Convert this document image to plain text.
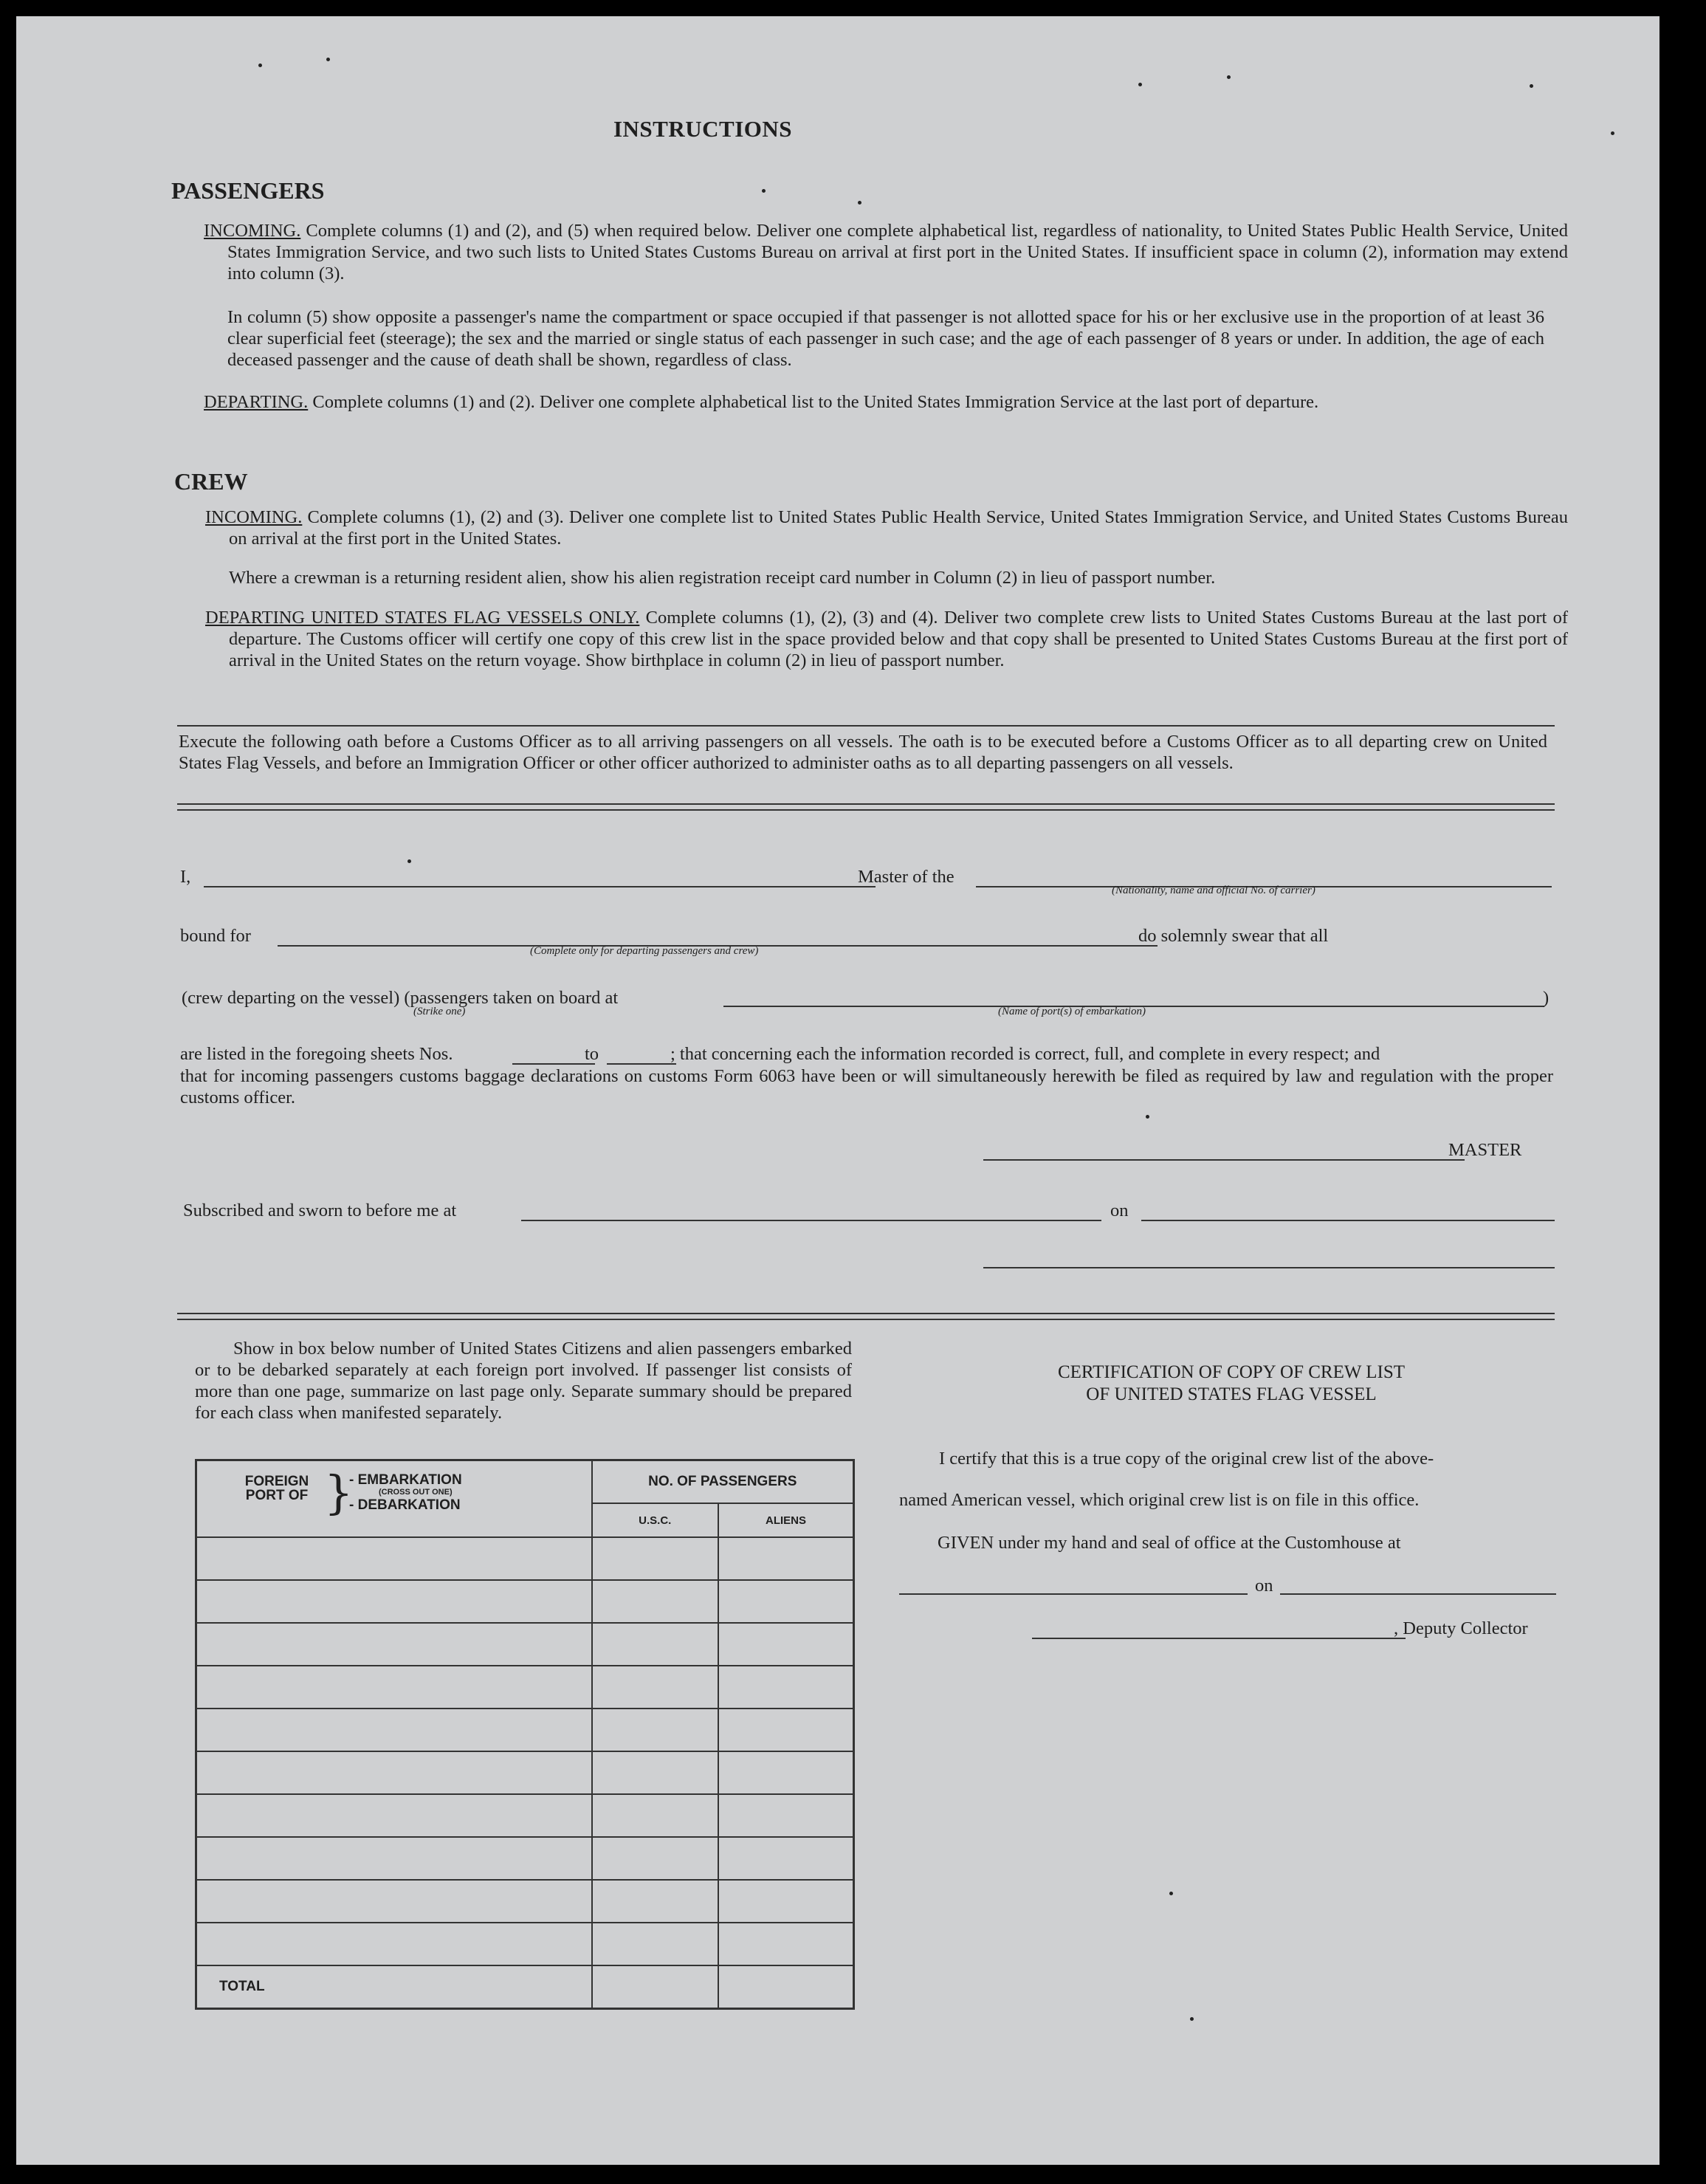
INSTRUCTIONS
PASSENGERS
INCOMING. Complete columns (1) and (2), and (5) when required below. Deliver one complete alphabetical list, regardless of nationality, to United States Public Health Service, United States Immigration Service, and two such lists to United States Customs Bureau on arrival at first port in the United States. If insufficient space in column (2), information may extend into column (3).
In column (5) show opposite a passenger's name the compartment or space occupied if that passenger is not allotted space for his or her exclusive use in the proportion of at least 36 clear superficial feet (steerage); the sex and the married or single status of each passenger in such case; and the age of each passenger of 8 years or under. In addition, the age of each deceased passenger and the cause of death shall be shown, regardless of class.
DEPARTING. Complete columns (1) and (2). Deliver one complete alphabetical list to the United States Immigration Service at the last port of departure.
CREW
INCOMING. Complete columns (1), (2) and (3). Deliver one complete list to United States Public Health Service, United States Immigration Service, and United States Customs Bureau on arrival at the first port in the United States.
Where a crewman is a returning resident alien, show his alien registration receipt card number in Column (2) in lieu of passport number.
DEPARTING UNITED STATES FLAG VESSELS ONLY. Complete columns (1), (2), (3) and (4). Deliver two complete crew lists to United States Customs Bureau at the last port of departure. The Customs officer will certify one copy of this crew list in the space provided below and that copy shall be presented to United States Customs Bureau at the first port of arrival in the United States on the return voyage. Show birthplace in column (2) in lieu of passport number.
Execute the following oath before a Customs Officer as to all arriving passengers on all vessels. The oath is to be executed before a Customs Officer as to all departing crew on United States Flag Vessels, and before an Immigration Officer or other officer authorized to administer oaths as to all departing passengers on all vessels.
I,	Master of the
(Nationality, name and official No. of carrier)
bound for
(Complete only for departing passengers and crew)
do solemnly swear that all
(crew departing on the vessel) (passengers taken on board at
(Strike one)	(Name of port(s) of embarkation)
)
are listed in the foregoing sheets Nos.	to	; that concerning each the information recorded is correct, full, and complete in every respect; and
that for incoming passengers customs baggage declarations on customs Form 6063 have been or will simultaneously herewith be filed as required by law and regulation with the proper customs officer.
MASTER
Subscribed and sworn to before me at	on
Show in box below number of United States Citizens and alien passengers embarked or to be debarked separately at each foreign port involved. If passenger list consists of more than one page, summarize on last page only. Separate summary should be prepared for each class when manifested separately.
FOREIGN PORT OF }
- EMBARKATION
(CROSS OUT ONE)
- DEBARKATION	NO. OF PASSENGERS	
	U.S.C.	ALIENS

TOTAL		
CERTIFICATION OF COPY OF CREW LIST
OF UNITED STATES FLAG VESSEL
I certify that this is a true copy of the original crew list of the above-
named American vessel, which original crew list is on file in this office.
GIVEN under my hand and seal of office at the Customhouse at
on
, Deputy Collector
